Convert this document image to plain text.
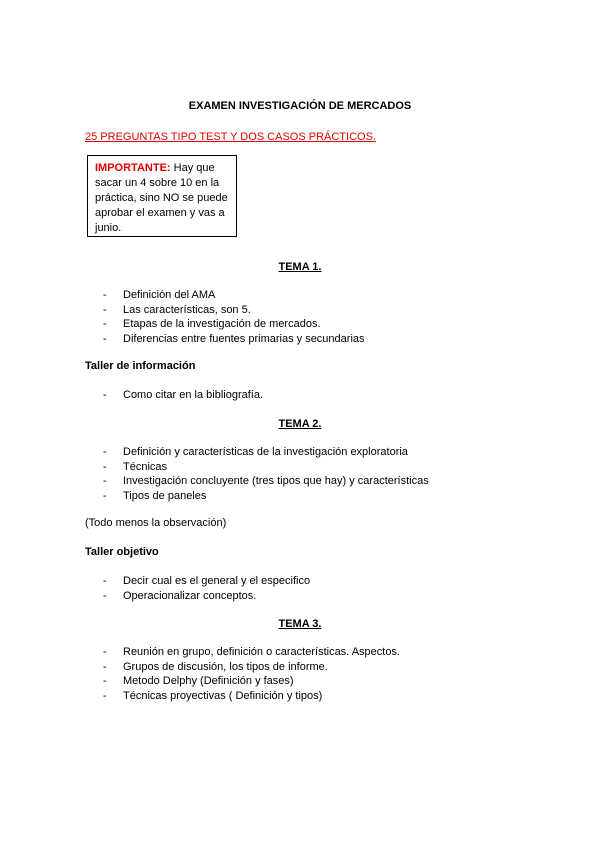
EXAMEN INVESTIGACIÓN DE MERCADOS
25 PREGUNTAS TIPO TEST Y DOS CASOS PRÁCTICOS.
IMPORTANTE: Hay que sacar un 4 sobre 10 en la práctica, sino NO se puede aprobar el examen y vas a junio.
TEMA 1.
- Definición del AMA
- Las características, son 5.
- Etapas de la investigación de mercados.
- Diferencias entre fuentes primarias y secundarias
Taller de información
- Como citar en la bibliografía.
TEMA 2.
- Definición y características de la investigación exploratoria
- Técnicas
- Investigación concluyente (tres tipos que hay) y características
- Tipos de paneles
(Todo menos la observación)
Taller objetivo
- Decir cual es el general y el especifico
- Operacionalizar conceptos.
TEMA 3.
- Reunión en grupo, definición o características. Aspectos.
- Grupos de discusión, los tipos de informe.
- Metodo Delphy (Definición y fases)
- Técnicas proyectivas ( Definición y tipos)
